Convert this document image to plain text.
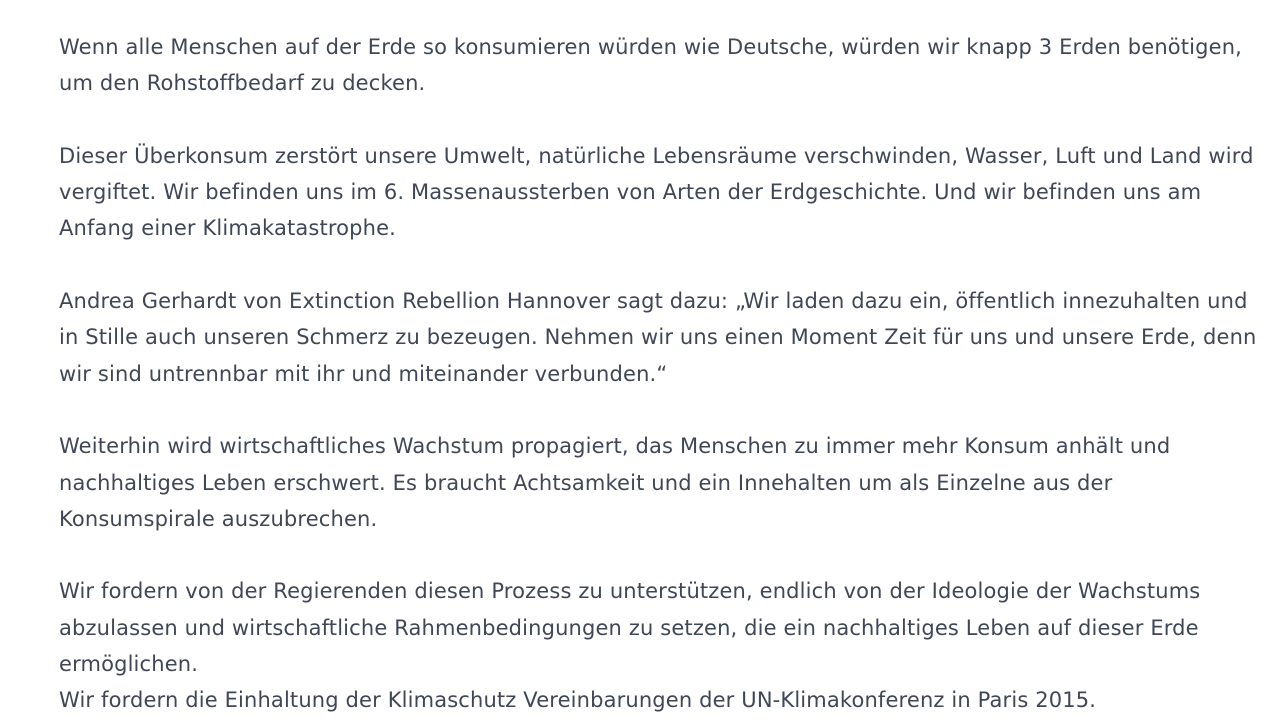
Wenn alle Menschen auf der Erde so konsumieren würden wie Deutsche, würden wir knapp 3 Erden benötigen, um den Rohstoffbedarf zu decken.

Dieser Überkonsum zerstört unsere Umwelt, natürliche Lebensräume verschwinden, Wasser, Luft und Land wird vergiftet. Wir befinden uns im 6. Massenaussterben von Arten der Erdgeschichte. Und wir befinden uns am Anfang einer Klimakatastrophe.

Andrea Gerhardt von Extinction Rebellion Hannover sagt dazu: „Wir laden dazu ein, öffentlich innezuhalten und in Stille auch unseren Schmerz zu bezeugen. Nehmen wir uns einen Moment Zeit für uns und unsere Erde, denn wir sind untrennbar mit ihr und miteinander verbunden.“

Weiterhin wird wirtschaftliches Wachstum propagiert, das Menschen zu immer mehr Konsum anhält und nachhaltiges Leben erschwert. Es braucht Achtsamkeit und ein Innehalten um als Einzelne aus der Konsumspirale auszubrechen.

Wir fordern von der Regierenden diesen Prozess zu unterstützen, endlich von der Ideologie der Wachstums abzulassen und wirtschaftliche Rahmenbedingungen zu setzen, die ein nachhaltiges Leben auf dieser Erde ermöglichen.

Wir fordern die Einhaltung der Klimaschutz Vereinbarungen der UN-Klimakonferenz in Paris 2015.
